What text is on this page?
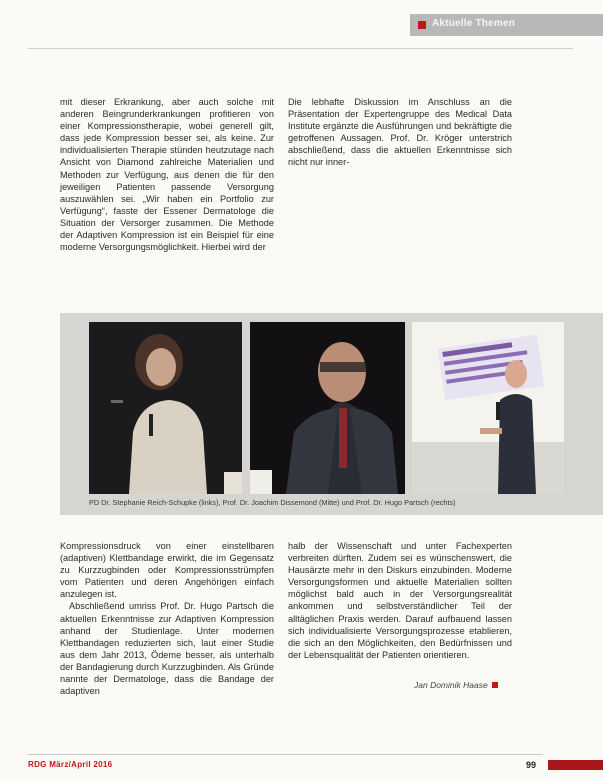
Aktuelle Themen

mit dieser Erkrankung, aber auch solche mit anderen Beingrunderkrankungen profitieren von einer Kompressionstherapie, wobei generell gilt, dass jede Kompression besser sei, als keine. Zur individualisierten Therapie stünden heutzutage nach Ansicht von Diamond zahlreiche Materialien und Methoden zur Verfügung, aus denen die für den jeweiligen Patienten passende Versorgung auszuwählen sei. „Wir haben ein Portfolio zur Verfügung“, fasste der Essener Dermatologe die Situation der Versorger zusammen. Die Methode der Adaptiven Kompression ist ein Beispiel für eine moderne Versorgungsmöglichkeit. Hierbei wird der

Die lebhafte Diskussion im Anschluss an die Präsentation der Expertengruppe des Medical Data Institute ergänzte die Ausführungen und bekräftigte die getroffenen Aussagen. Prof. Dr. Kröger unterstrich abschließend, dass die aktuellen Erkenntnisse sich nicht nur inner-

PD Dr. Stephanie Reich-Schupke (links), Prof. Dr. Joachim Dissemond (Mitte) und Prof. Dr. Hugo Partsch (rechts)

Kompressionsdruck von einer einstellbaren (adaptiven) Klettbandage erwirkt, die im Gegensatz zu Kurzzugbinden oder Kompressionsstrümpfen vom Patienten und deren Angehörigen einfach anzulegen ist.

Abschließend umriss Prof. Dr. Hugo Partsch die aktuellen Erkenntnisse zur Adaptiven Kompression anhand der Studienlage. Unter modernen Klettbandagen reduzierten sich, laut einer Studie aus dem Jahr 2013, Ödeme besser, als unterhalb der Bandagierung durch Kurzzugbinden. Als Gründe nannte der Dermatologe, dass die Bandage der adaptiven

halb der Wissenschaft und unter Fachexperten verbreiten dürften. Zudem sei es wünschenswert, die Hausärzte mehr in den Diskurs einzubinden. Moderne Versorgungsformen und aktuelle Materialien sollten möglichst bald auch in der Versorgungsrealität ankommen und selbstverständlicher Teil der alltäglichen Praxis werden. Darauf aufbauend lassen sich individualisierte Versorgungsprozesse etablieren, die sich an den Möglichkeiten, den Bedürfnissen und der Lebensqualität der Patienten orientieren.

Jan Dominik Haase
RDG März/April 2016	99
